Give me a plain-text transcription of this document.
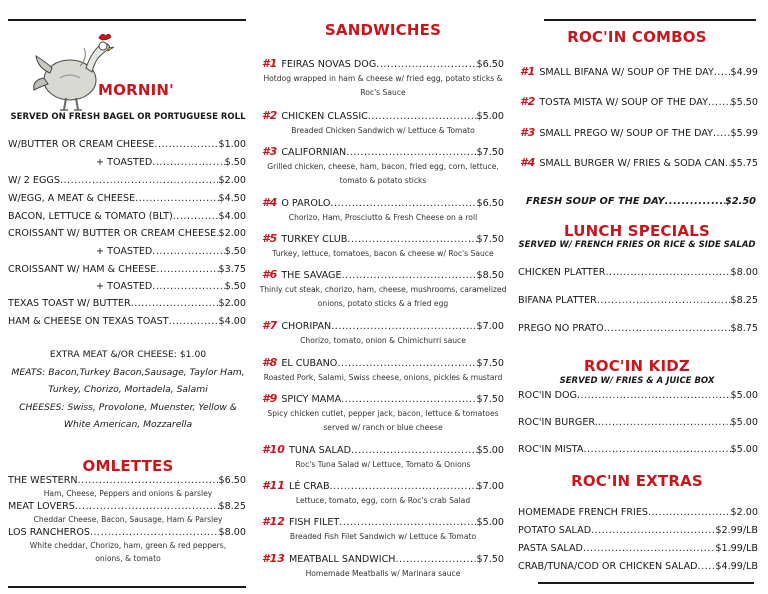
MORNIN'
SERVED ON FRESH BAGEL OR PORTUGUESE ROLL
EXTRA MEAT &/OR CHEESE: $1.00
MEATS: Bacon,Turkey Bacon,Sausage, Taylor Ham,
Turkey, Chorizo, Mortadela, Salami
CHEESES: Swiss, Provolone, Muenster, Yellow &
White American, Mozzarella
OMLETTES
W/BUTTER OR CREAM CHEESE .....	$1.00
+ TOASTED .....	$.50
W/ 2 EGGS .....	$2.00
W/EGG, A MEAT & CHEESE .....	$4.50
BACON, LETTUCE & TOMATO (BLT) .....	$4.00
CROISSANT W/ BUTTER OR CREAM CHEESE ..... $2.00
+ TOASTED .....	$.50
CROISSANT W/ HAM & CHEESE .....	$3.75
+ TOASTED .....	$.50
TEXAS TOAST W/ BUTTER .....	$2.00
HAM & CHEESE ON TEXAS TOAST .....	$4.00
THE WESTERN .....	$6.50
Ham, Cheese, Peppers and onions & parsley
MEAT LOVERS .....	$8.25
Cheddar Cheese, Bacon, Sausage, Ham & Parsley
LOS RANCHEROS .....	$8.00
White cheddar, Chorizo, ham, green & red peppers,
onions, & tomato
SANDWICHES
#1 FEIRAS NOVAS DOG .....	$6.50
Hotdog wrapped in ham & cheese w/ fried egg, potato sticks &
Roc's Sauce
#2 CHICKEN CLASSIC .....	$5.00
Breaded Chicken Sandwich w/ Lettuce & Tomato
#3 CALIFORNIAN .....	$7.50
Grilled chicken, cheese, ham, bacon, fried egg, corn, lettuce,
tomato & potato sticks
#4 O PAROLO .....	$6.50
Chorizo, Ham, Prosciutto & Fresh Cheese on a roll
#5 TURKEY CLUB .....	$7.50
Turkey, lettuce, tomatoes, bacon & cheese w/ Roc's Sauce
#6 THE SAVAGE .....	$8.50
Thinly cut steak, chorizo, ham, cheese, mushrooms, caramelized
onions, potato sticks & a fried egg
#7 CHORIPAN .....	$7.00
Chorizo, tomato, onion & Chimichurri sauce
#8 EL CUBANO .....	$7.50
Roasted Pork, Salami, Swiss cheese, onions, pickles & mustard
#9 SPICY MAMA .....	$7.50
Spicy chicken cutlet, pepper jack, bacon, lettuce & tomatoes
served w/ ranch or blue cheese
#10 TUNA SALAD .....	$5.00
Roc's Tuna Salad w/ Lettuce, Tomato & Onions
#11 LÉ CRAB .....	$7.00
Lettuce, tomato, egg, corn & Roc's crab Salad
#12 FISH FILET .....	$5.00
Breaded Fish Filet Sandwich w/ Lettuce & Tomato
#13 MEATBALL SANDWICH .....	$7.50
Homemade Meatballs w/ Marinara sauce
ROC'IN COMBOS
FRESH SOUP OF THE DAY .....	$2.50
LUNCH SPECIALS
SERVED W/ FRENCH FRIES OR RICE & SIDE SALAD
ROC'IN KIDZ
SERVED W/ FRIES & A JUICE BOX
ROC'IN EXTRAS
#1 SMALL BIFANA W/ SOUP OF THE DAY ..... $4.99
#2 TOSTA MISTA W/ SOUP OF THE DAY ..... $5.50
#3 SMALL PREGO W/ SOUP OF THE DAY ..... $5.99
#4 SMALL BURGER W/ FRIES & SODA CAN ..... $5.75
CHICKEN PLATTER .....	$8.00
BIFANA PLATTER .....	$8.25
PREGO NO PRATO .....	$8.75
ROC'IN DOG .....	$5.00
ROC'IN BURGER. .....	$5.00
ROC'IN MISTA .....	$5.00
HOMEMADE FRENCH FRIES .....	$2.00
POTATO SALAD .....	$2.99/LB
PASTA SALAD .....	$1.99/LB
CRAB/TUNA/COD OR CHICKEN SALAD ..... $4.99/LB
